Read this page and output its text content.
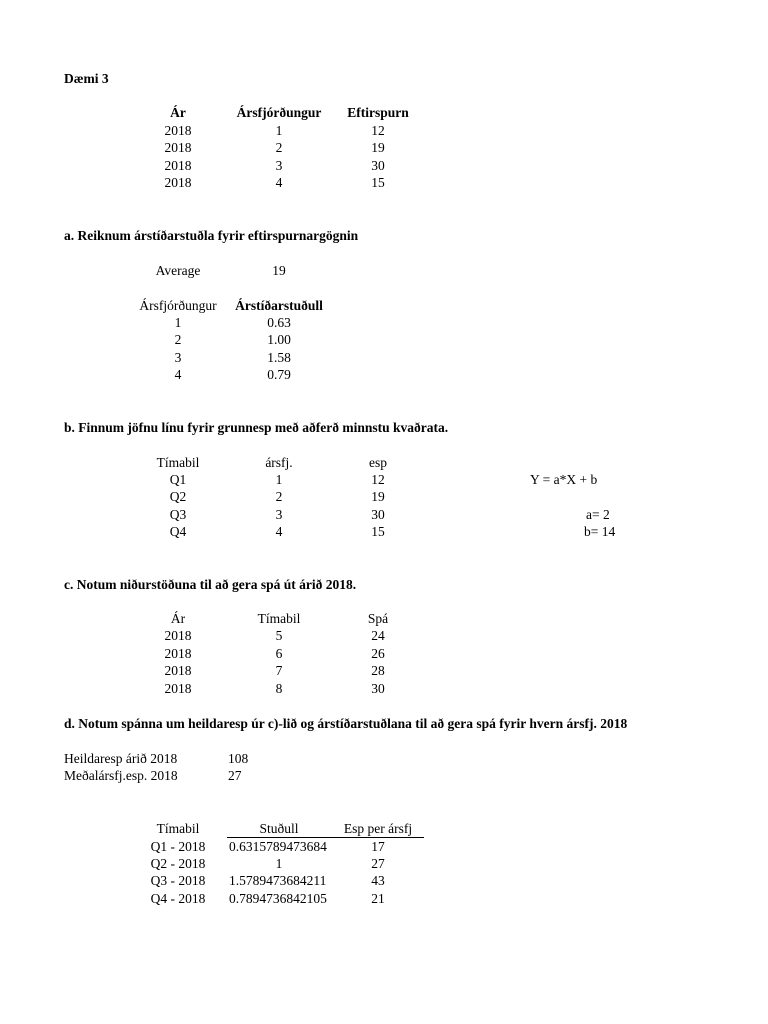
Dæmi 3
Ár	Ársfjórðungur	Eftirspurn
2018	1	12
2018	2	19
2018	3	30
2018	4	15
a. Reiknum árstíðarstuðla fyrir eftirspurnargögnin
Average	19
Ársfjórðungur	Árstíðarstuðull
1	0.63
2	1.00
3	1.58
4	0.79
b. Finnum jöfnu línu fyrir grunnesp með aðferð minnstu kvaðrata.
Tímabil	ársfj.	esp
Q1	1	12
Q2	2	19
Q3	3	30
Q4	4	15
Y = a*X + b
a= 2
b= 14
c. Notum niðurstöðuna til að gera spá út árið 2018.
Ár	Tímabil	Spá
2018	5	24
2018	6	26
2018	7	28
2018	8	30
d. Notum spánna um heildaresp úr c)-lið og árstíðarstuðlana til að gera spá fyrir hvern ársfj. 2018
Heildaresp árið 2018	108
Meðalársfj.esp. 2018	27
Tímabil	Stuðull	Esp per ársfj
Q1 - 2018	0.6315789473684	17
Q2 - 2018	1	27
Q3 - 2018	1.5789473684211	43
Q4 - 2018	0.7894736842105	21
